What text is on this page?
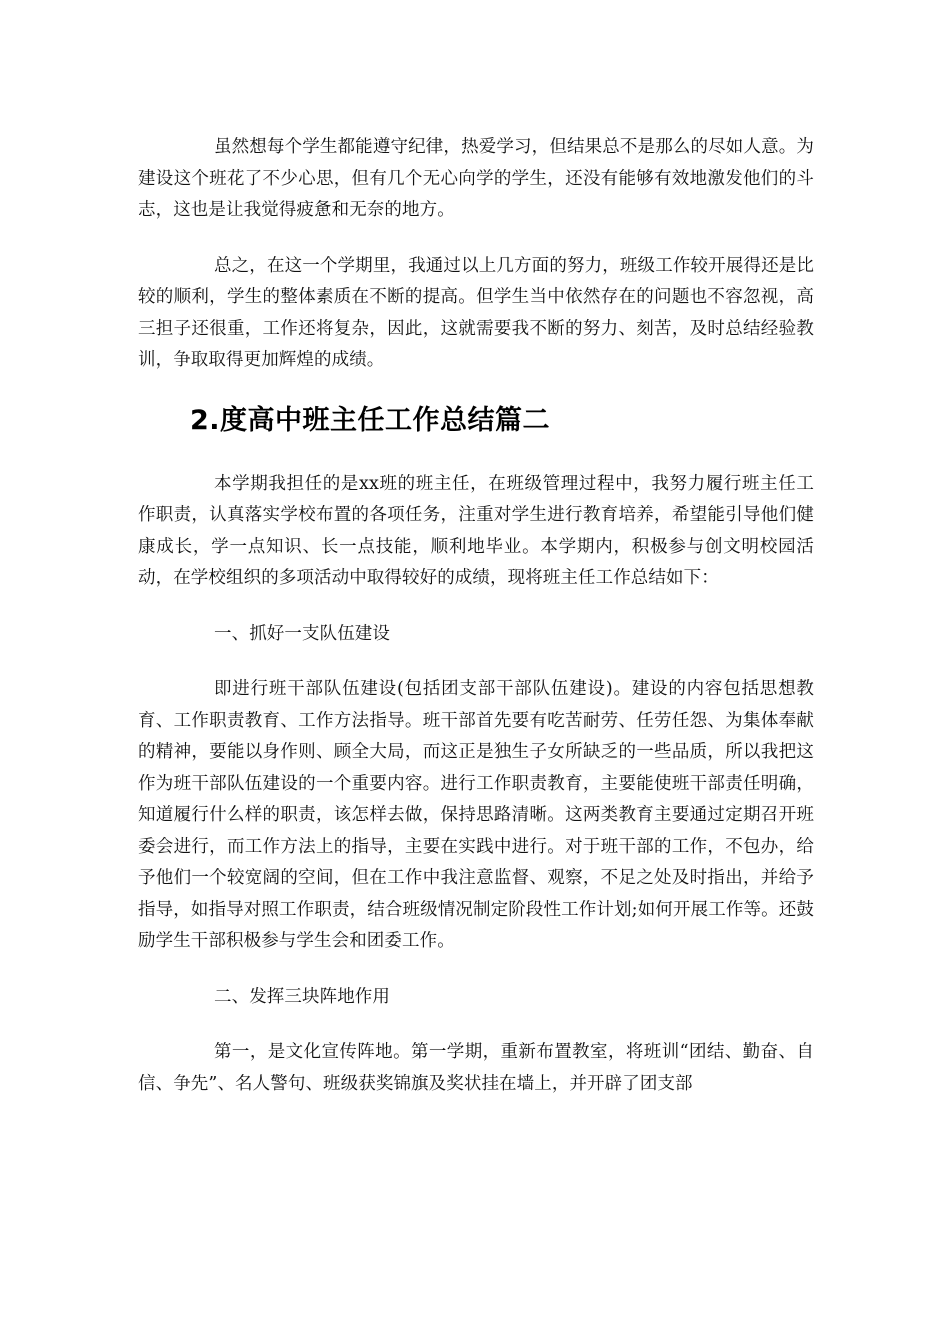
虽然想每个学生都能遵守纪律，热爱学习，但结果总不是那么的尽如人意。为建设这个班花了不少心思，但有几个无心向学的学生，还没有能够有效地激发他们的斗志，这也是让我觉得疲惫和无奈的地方。

总之，在这一个学期里，我通过以上几方面的努力，班级工作较开展得还是比较的顺利，学生的整体素质在不断的提高。但学生当中依然存在的问题也不容忽视，高三担子还很重，工作还将复杂，因此，这就需要我不断的努力、刻苦，及时总结经验教训，争取取得更加辉煌的成绩。

2.度高中班主任工作总结篇二

本学期我担任的是xx班的班主任，在班级管理过程中，我努力履行班主任工作职责，认真落实学校布置的各项任务，注重对学生进行教育培养，希望能引导他们健康成长，学一点知识、长一点技能，顺利地毕业。本学期内，积极参与创文明校园活动，在学校组织的多项活动中取得较好的成绩，现将班主任工作总结如下：

一、抓好一支队伍建设

即进行班干部队伍建设(包括团支部干部队伍建设)。建设的内容包括思想教育、工作职责教育、工作方法指导。班干部首先要有吃苦耐劳、任劳任怨、为集体奉献的精神，要能以身作则、顾全大局，而这正是独生子女所缺乏的一些品质，所以我把这作为班干部队伍建设的一个重要内容。进行工作职责教育，主要能使班干部责任明确，知道履行什么样的职责，该怎样去做，保持思路清晰。这两类教育主要通过定期召开班委会进行，而工作方法上的指导，主要在实践中进行。对于班干部的工作，不包办，给予他们一个较宽阔的空间，但在工作中我注意监督、观察，不足之处及时指出，并给予指导，如指导对照工作职责，结合班级情况制定阶段性工作计划;如何开展工作等。还鼓励学生干部积极参与学生会和团委工作。

二、发挥三块阵地作用

第一，是文化宣传阵地。第一学期，重新布置教室，将班训“团结、勤奋、自信、争先”、名人警句、班级获奖锦旗及奖状挂在墙上，并开辟了团支部
